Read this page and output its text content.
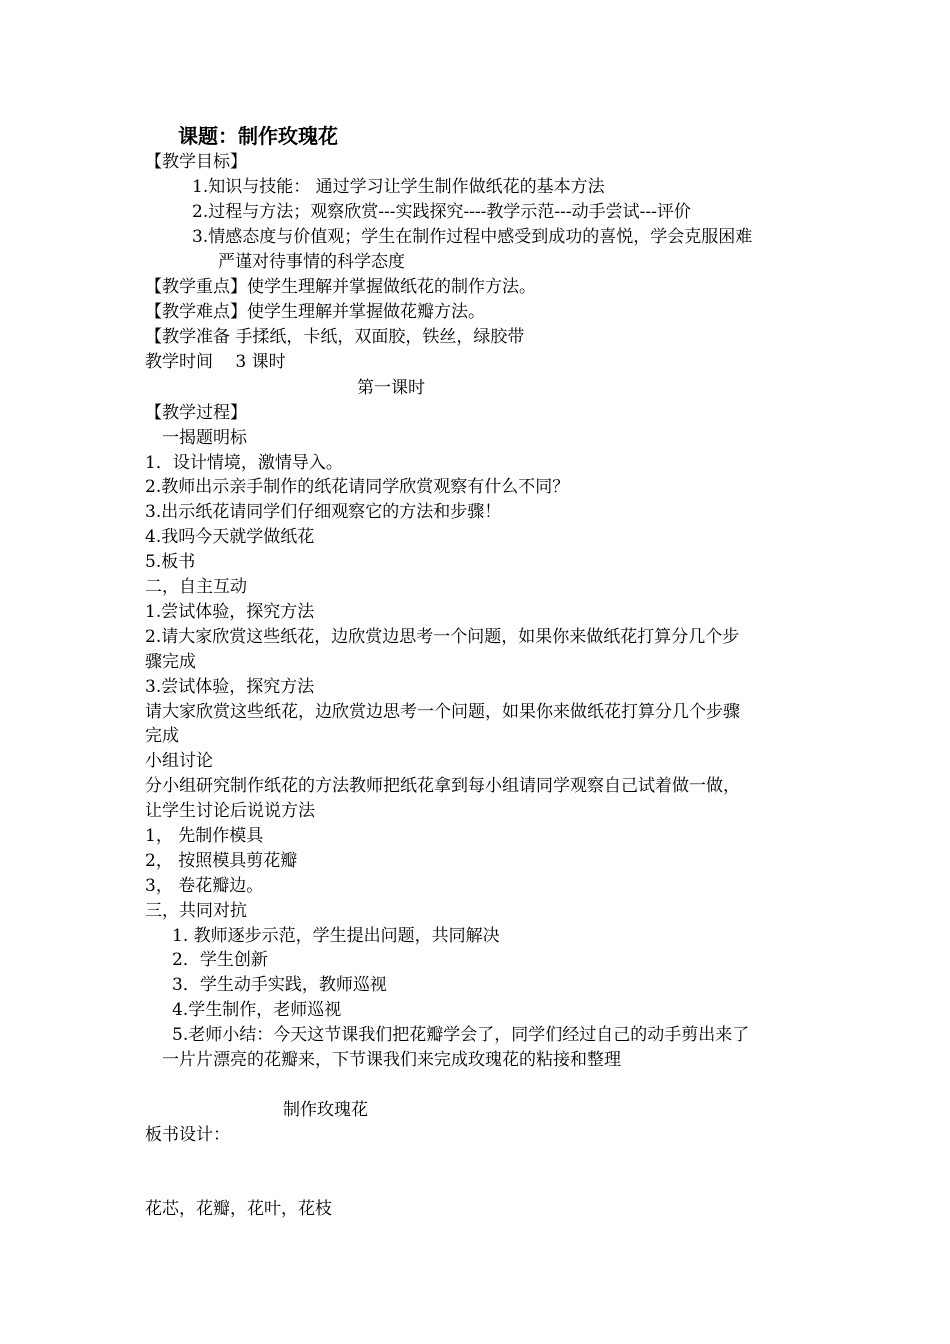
课题：制作玫瑰花
【教学目标】
1.知识与技能： 通过学习让学生制作做纸花的基本方法
2.过程与方法；观察欣赏---实践探究----教学示范---动手尝试---评价
3.情感态度与价值观；学生在制作过程中感受到成功的喜悦，学会克服困难
严谨对待事情的科学态度
【教学重点】使学生理解并掌握做纸花的制作方法。
【教学难点】使学生理解并掌握做花瓣方法。
【教学准备 手揉纸，卡纸，双面胶，铁丝，绿胶带
教学时间　 3 课时
第一课时
【教学过程】
一揭题明标
1．设计情境，激情导入。
2.教师出示亲手制作的纸花请同学欣赏观察有什么不同？
3.出示纸花请同学们仔细观察它的方法和步骤！
4.我吗今天就学做纸花
5.板书
二，自主互动
1.尝试体验，探究方法
2.请大家欣赏这些纸花，边欣赏边思考一个问题，如果你来做纸花打算分几个步
骤完成
3.尝试体验，探究方法
请大家欣赏这些纸花，边欣赏边思考一个问题，如果你来做纸花打算分几个步骤
完成
小组讨论
分小组研究制作纸花的方法教师把纸花拿到每小组请同学观察自己试着做一做，
让学生讨论后说说方法
1， 先制作模具
2， 按照模具剪花瓣
3， 卷花瓣边。
三，共同对抗
1. 教师逐步示范，学生提出问题，共同解决
2．学生创新
3．学生动手实践，教师巡视
4.学生制作，老师巡视
5.老师小结：今天这节课我们把花瓣学会了，同学们经过自己的动手剪出来了
一片片漂亮的花瓣来，下节课我们来完成玫瑰花的粘接和整理
制作玫瑰花
板书设计：
花芯，花瓣，花叶，花枝
